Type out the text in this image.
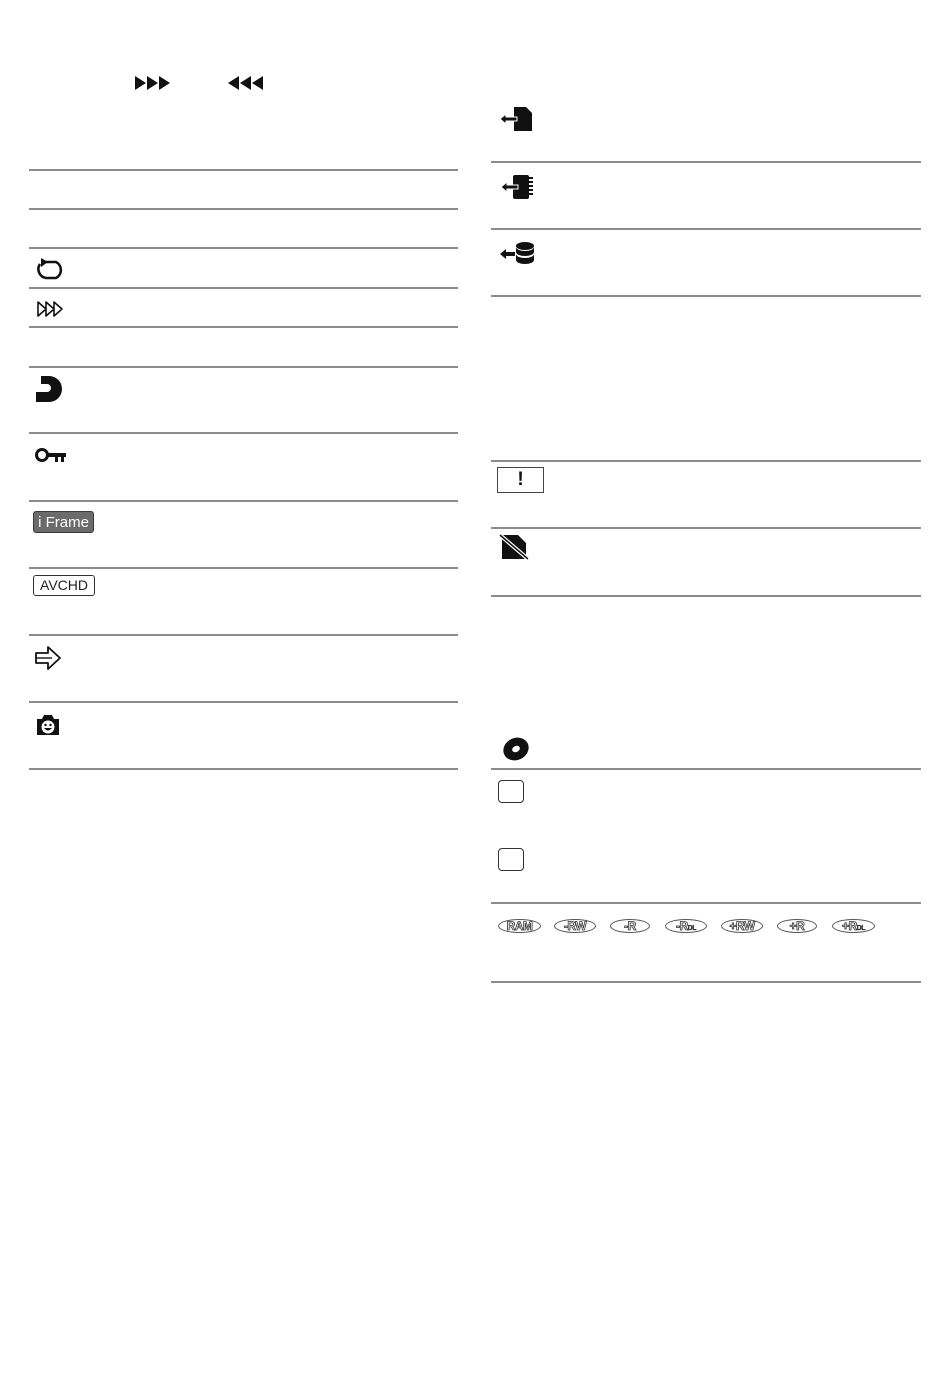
i Frame
AVCHD
!
RAM	-RW	-R	-RDL	+RW	+R	+RDL
